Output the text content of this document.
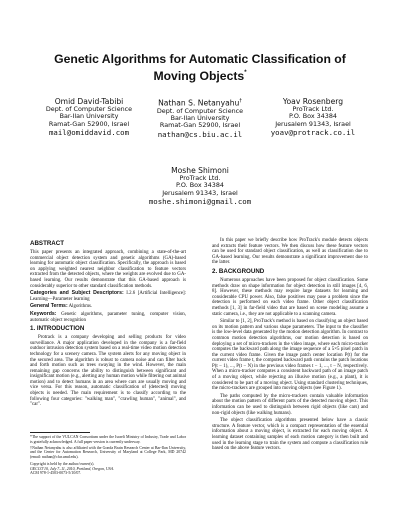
Genetic Algorithms for Automatic Classification of Moving Objects*
Omid David-Tabibi
Dept. of Computer Science
Bar-Ilan University
Ramat-Gan 52900, Israel
mail@omiddavid.com
Nathan S. Netanyahu†
Dept. of Computer Science
Bar-Ilan University
Ramat-Gan 52900, Israel
nathan@cs.biu.ac.il
Yoav Rosenberg
ProTrack Ltd.
P.O. Box 34384
Jerusalem 91343, Israel
yoav@protrack.co.il
Moshe Shimoni
ProTrack Ltd.
P.O. Box 34384
Jerusalem 91343, Israel
moshe.shimoni@gmail.com
ABSTRACT

This paper presents an integrated approach, combining a state-of-the-art commercial object detection system and genetic algorithms (GA)-based learning for automatic object classification. Specifically, the approach is based on applying weighted nearest neighbor classification to feature vectors extracted from the detected objects, where the weights are evolved due to GA-based learning. Our results demonstrate that this GA-based approach is considerably superior to other standard classification methods.

Categories and Subject Descriptors: I.2.6 [Artificial Intelligence]: Learning—Parameter learning

General Terms: Algorithms.

Keywords: Genetic algorithms, parameter tuning, computer vision, automatic object recognition

1. INTRODUCTION

Protrack is a company developing and selling products for video surveillance. A major application developed in the company is a far-field outdoor intrusion detection system based on a real-time video motion detection technology for a scenery camera. The system alerts for any moving object in the secured area. The algorithm is robust to camera noise and can filter back and forth motion such as trees swaying in the wind. However, the main remaining gap concerns the ability to distinguish between significant and insignificant motion (e.g., alerting any human motion while filtering out animal motion) and to detect humans in an area where cars are usually moving and vice versa. For this reason, automatic classification of (detected) moving objects is needed. The main requirement is to classify according to the following four categories: "walking man", "crawling human", "animal", and "car".

*The support of the VULCAN Consortium under the Israeli Ministry of Industry, Trade and Labor is gratefully acknowledged. A full paper version is currently underway.

†Nathan Netanyahu is also affiliated with the Gonda Brain Research Center at Bar-Ilan University, and the Center for Automation Research, University of Maryland at College Park, MD 20742 (email: nathan@cfar.umd.edu).

Copyright is held by the author/owner(s).

GECCO'10, July 7–11, 2010, Portland, Oregon, USA.

ACM 978-1-4503-0073-5/10/07.

In this paper we briefly describe how ProTrack's module detects objects and extracts their feature vectors. We then discuss how these feature vectors can be used for standard object classification, as well as classification due to GA-based learning. Our results demonstrate a significant improvement due to the latter.

2. BACKGROUND

Numerous approaches have been proposed for object classification. Some methods draw on shape information for object detection in still images [4, 6, 8]. However, these methods may require large datasets for learning and considerable CPU power. Also, false positives may pose a problem since the detection is performed on each video frame. Other object classification methods [1, 3] in far-field video that are based on scene modeling assume a static camera, i.e., they are not applicable to a scanning camera.

Similar to [1, 2], ProTrack's method is based on classifying an object based on its motion pattern and various shape parameters. The input to the classifier is the low-level data generated by the motion detection algorithm. In contrast to common motion detection algorithms, our motion detection is based on deploying a set of micro-trackers in the video image, where each micro-tracker computes the backward path along the image sequence of a 5×5 pixel patch in the current video frame. Given the image patch center location P(t) for the current video frame t, the computed backward path contains the patch locations P(t − 1), ..., P(t − N) in the previous video frames t − 1, ..., t − N, respectively. When a micro-tracker computes a consistent backward path of an image patch of a moving object, while rejecting an illusive motion (e.g., a plant), it is considered to be part of a moving object. Using standard clustering techniques, the micro-trackers are grouped into moving objects (see Figure 1).

The paths computed by the micro-trackers contain valuable information about the motion pattern of different parts of the detected moving object. This information can be used to distinguish between rigid objects (like cars) and non-rigid objects (like walking humans).

The object classification algorithms presented below have a classic structure. A feature vector, which is a compact representation of the essential information about a moving object, is extracted for each moving object. A learning dataset containing samples of each motion category is then built and used in the learning stage to train the system and compute a classification rule based on the above feature vectors.
